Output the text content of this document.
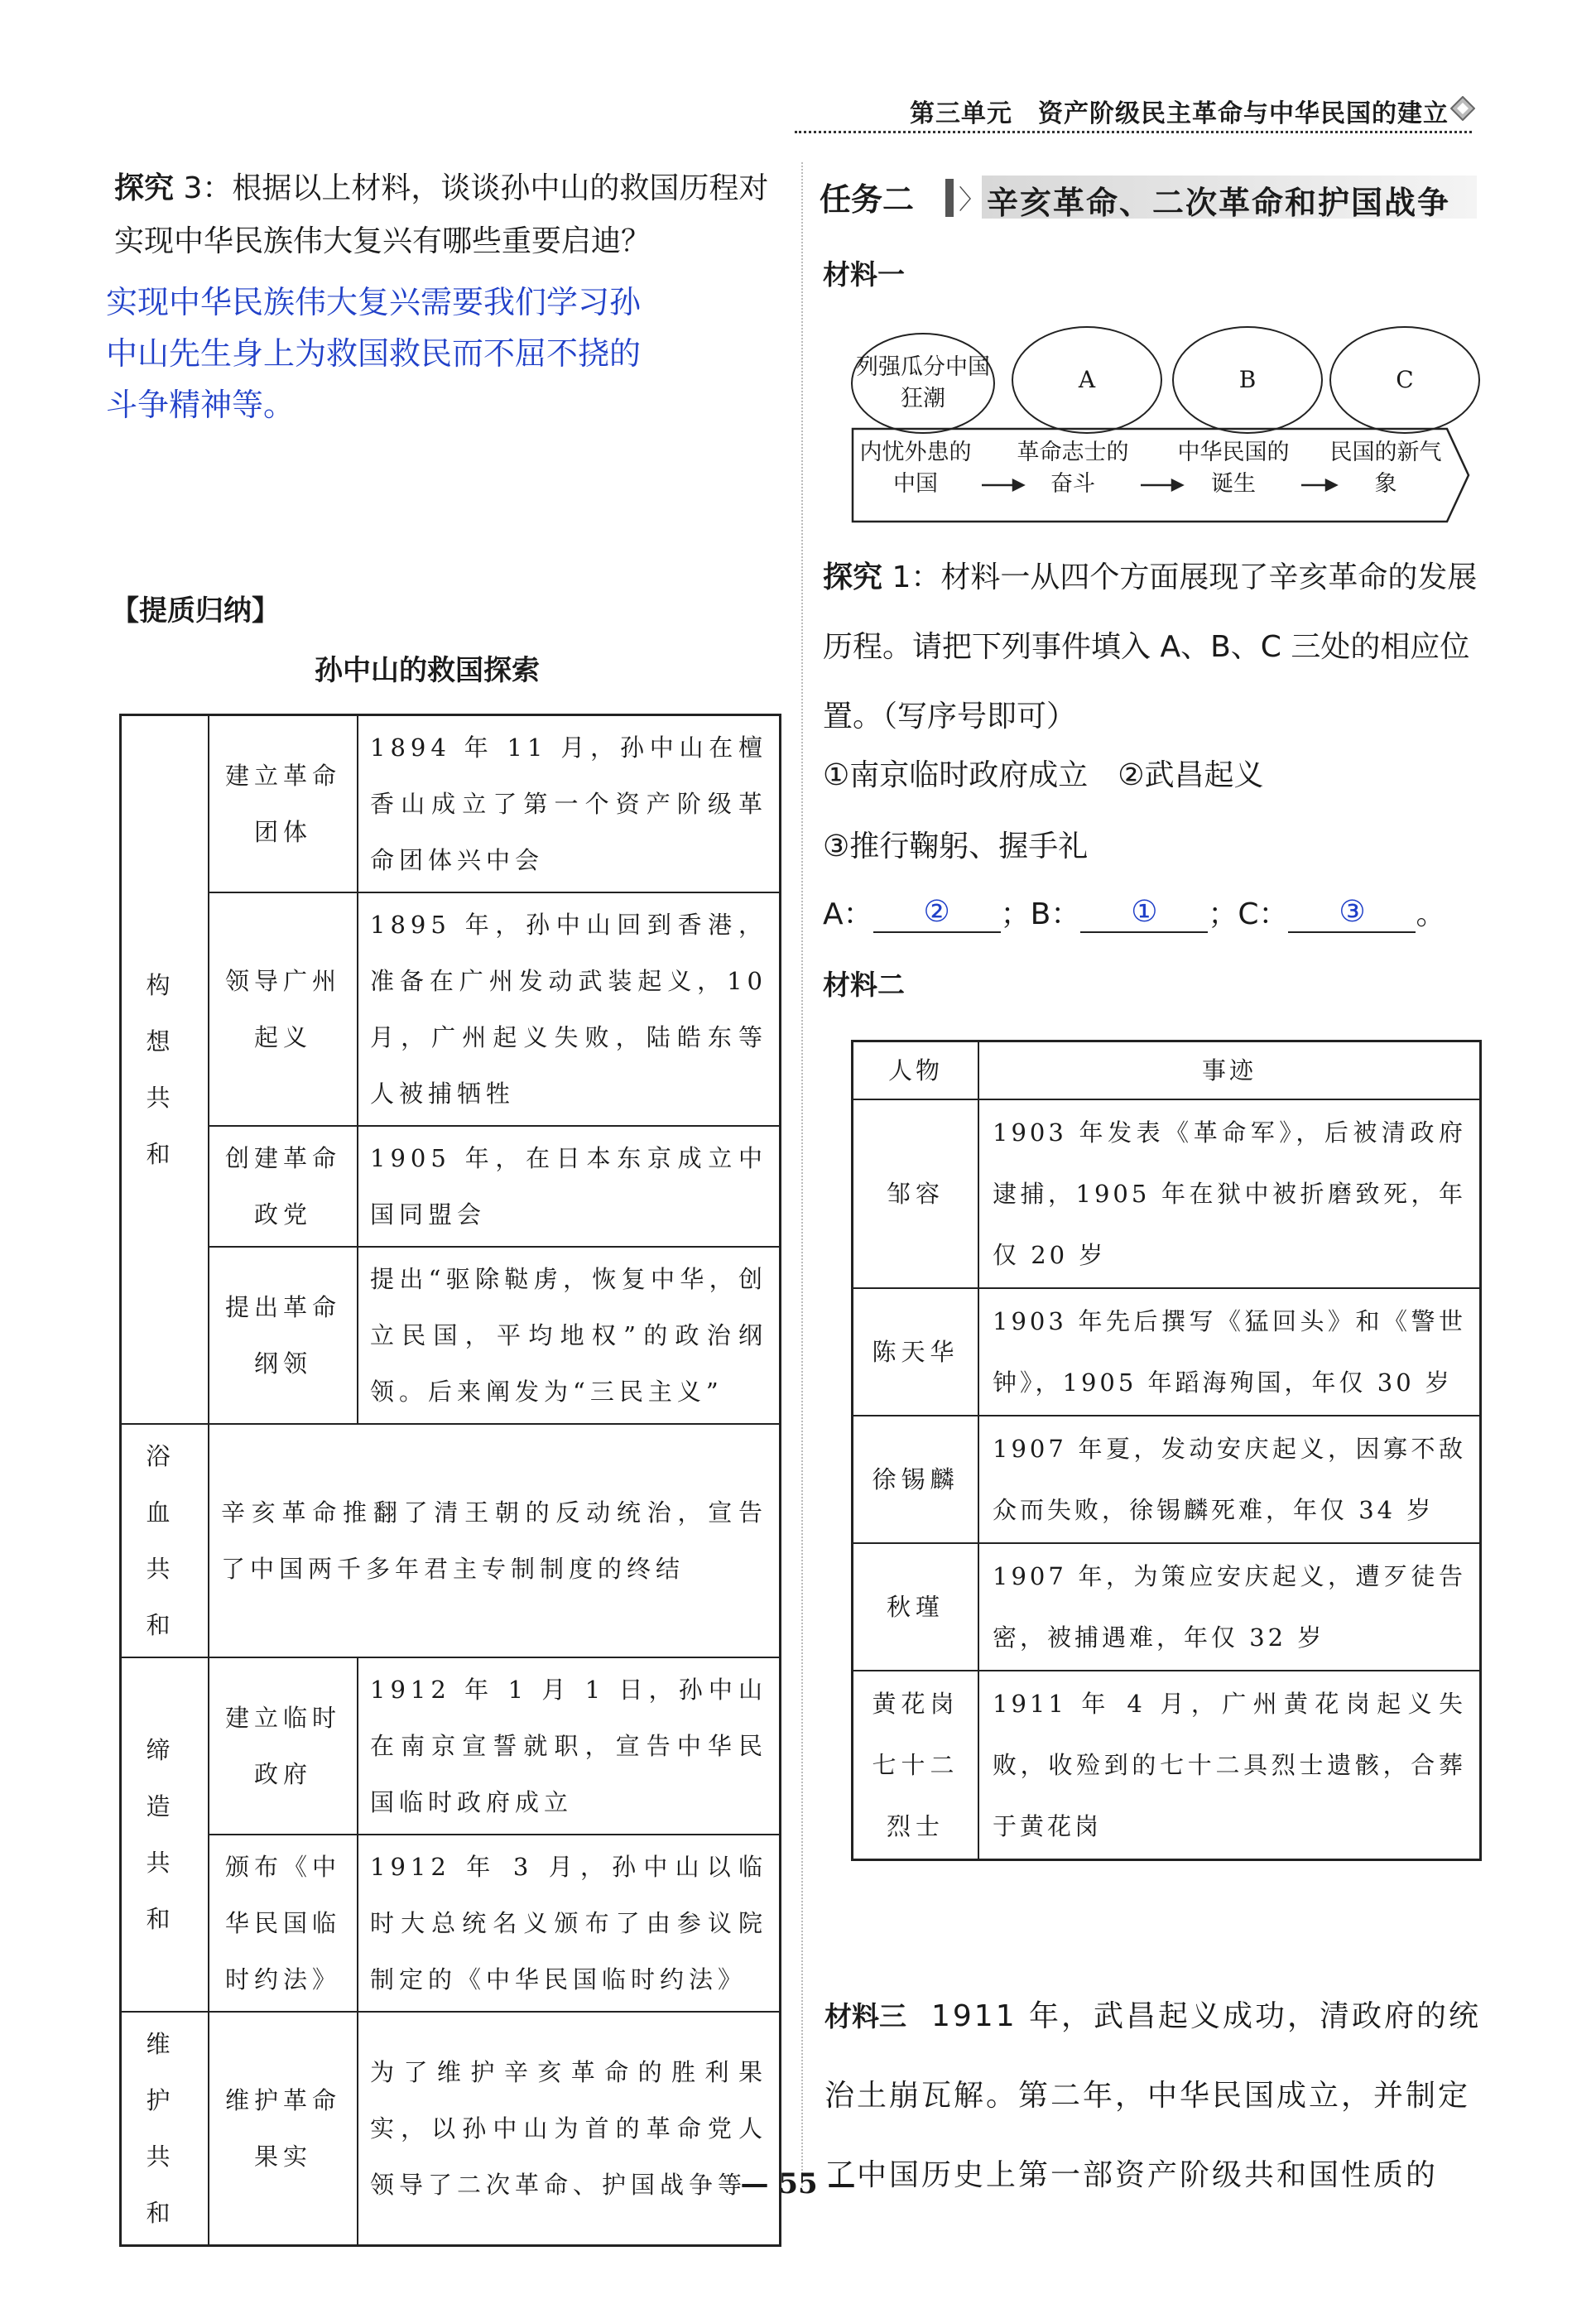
第三单元　资产阶级民主革命与中华民国的建立
探究 3：根据以上材料，谈谈孙中山的救国历程对实现中华民族伟大复兴有哪些重要启迪？
实现中华民族伟大复兴需要我们学习孙中山先生身上为救国救民而不屈不挠的斗争精神等。
【提质归纳】
孙中山的救国探索
构想共和	建立革命团体	1894 年 11 月，孙中山在檀香山成立了第一个资产阶级革命团体兴中会
	领导广州起义	1895 年，孙中山回到香港，准备在广州发动武装起义，10 月，广州起义失败，陆皓东等人被捕牺牲
	创建革命政党	1905 年，在日本东京成立中国同盟会
	提出革命纲领	提出“驱除鞑虏，恢复中华，创立民国，平均地权”的政治纲领。后来阐发为“三民主义”
浴血共和	辛亥革命推翻了清王朝的反动统治，宣告了中国两千多年君主专制制度的终结	
缔造共和	建立临时政府	1912 年 1 月 1 日，孙中山在南京宣誓就职，宣告中华民国临时政府成立
	颁布《中华民国临时约法》	1912 年 3 月，孙中山以临时大总统名义颁布了由参议院制定的《中华民国临时约法》
维护共和	维护革命果实	为了维护辛亥革命的胜利果实，以孙中山为首的革命党人领导了二次革命、护国战争等
任务二 〉 辛亥革命、二次革命和护国战争
材料一
列强瓜分中国狂潮
A	B	C
内忧外患的中国
革命志士的奋斗
中华民国的诞生
民国的新气象
探究 1：材料一从四个方面展现了辛亥革命的发展历程。请把下列事件填入 A、B、C 三处的相应位置。（写序号即可）
①南京临时政府成立　②武昌起义
③推行鞠躬、握手礼
A： ② ；B： ① ；C： ③ 。
材料二
人物	事迹
邹容	1903 年发表《革命军》，后被清政府逮捕，1905 年在狱中被折磨致死，年仅 20 岁
陈天华	1903 年先后撰写《猛回头》和《警世钟》，1905 年蹈海殉国，年仅 30 岁
徐锡麟	1907 年夏，发动安庆起义，因寡不敌众而失败，徐锡麟死难，年仅 34 岁
秋瑾	1907 年，为策应安庆起义，遭歹徒告密，被捕遇难，年仅 32 岁
黄花岗七十二烈士	1911 年 4 月，广州黄花岗起义失败，收殓到的七十二具烈士遗骸，合葬于黄花岗
材料三 1911 年，武昌起义成功，清政府的统治土崩瓦解。第二年，中华民国成立，并制定了中国历史上第一部资产阶级共和国性质的
— 55 —
